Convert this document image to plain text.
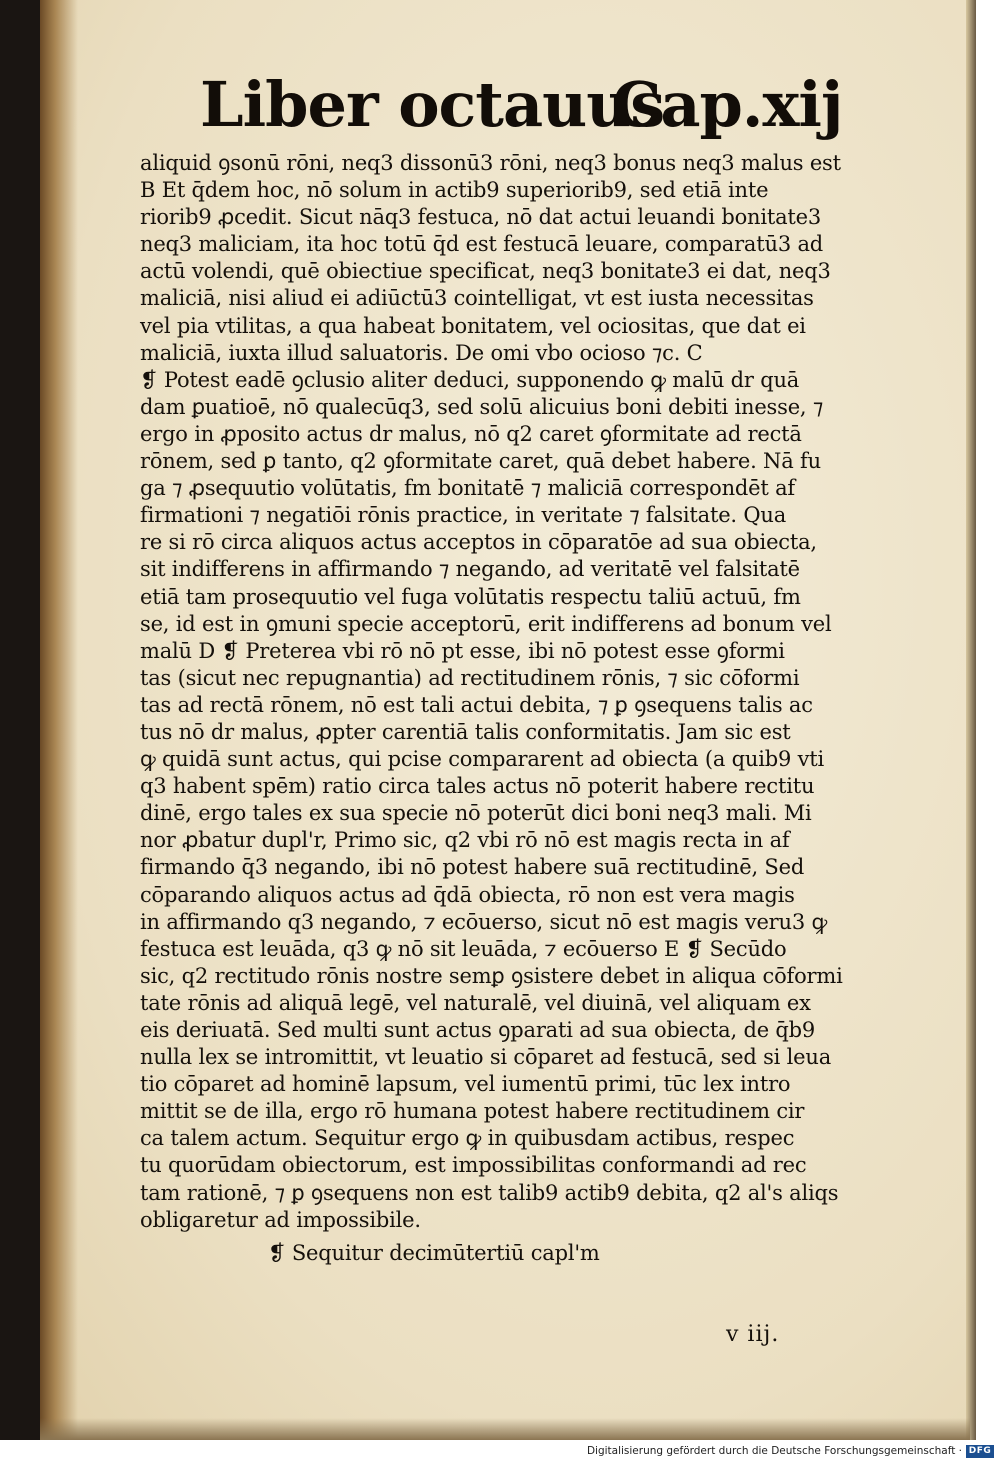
Liber octauus
Cap.xij
aliquid ꝯsonū rōni, neq3 dissonū3 rōni, neq3 bonus neq3 malus est
B Et q̄dem hoc, nō solum in actib9 superiorib9, sed etiā inte
riorib9 ꝓcedit. Sicut nāq3 festuca, nō dat actui leuandi bonitate3
neq3 maliciam, ita hoc totū q̄d est festucā leuare, comparatū3 ad
actū volendi, quē obiectiue specificat, neq3 bonitate3 ei dat, neq3
maliciā, nisi aliud ei adiūctū3 cointelligat, vt est iusta necessitas
vel pia vtilitas, a qua habeat bonitatem, vel ociositas, que dat ei
maliciā, iuxta illud saluatoris. De omi vbo ocioso ⁊c. C
❡ Potest eadē ꝯclusio aliter deduci, supponendo ꝙ malū dr quā
dam ꝑuatioē, nō qualecūq3, sed solū alicuius boni debiti inesse, ⁊
ergo in ꝓposito actus dr malus, nō q2 caret ꝯformitate ad rectā
rōnem, sed ꝑ tanto, q2 ꝯformitate caret, quā debet habere. Nā fu
ga ⁊ ꝓsequutio volūtatis, fm bonitatē ⁊ maliciā correspondēt af
firmationi ⁊ negatiōi rōnis practice, in veritate ⁊ falsitate. Qua
re si rō circa aliquos actus acceptos in cōparatōe ad sua obiecta,
sit indifferens in affirmando ⁊ negando, ad veritatē vel falsitatē
etiā tam prosequutio vel fuga volūtatis respectu taliū actuū, fm
se, id est in ꝯmuni specie acceptorū, erit indifferens ad bonum vel
malū D ❡ Preterea vbi rō nō pt esse, ibi nō potest esse ꝯformi
tas (sicut nec repugnantia) ad rectitudinem rōnis, ⁊ sic cōformi
tas ad rectā rōnem, nō est tali actui debita, ⁊ ꝑ ꝯsequens talis ac
tus nō dr malus, ꝓpter carentiā talis conformitatis. Jam sic est
ꝙ quidā sunt actus, qui pcise compararent ad obiecta (a quib9 vti
q3 habent spēm) ratio circa tales actus nō poterit habere rectitu
dinē, ergo tales ex sua specie nō poterūt dici boni neq3 mali. Mi
nor ꝓbatur dupl'r, Primo sic, q2 vbi rō nō est magis recta in af
firmando q̄3 negando, ibi nō potest habere suā rectitudinē, Sed
cōparando aliquos actus ad q̄dā obiecta, rō non est vera magis
in affirmando q3 negando, ⁊ ecōuerso, sicut nō est magis veru3 ꝙ
festuca est leuāda, q3 ꝙ nō sit leuāda, ⁊ ecōuerso E ❡ Secūdo
sic, q2 rectitudo rōnis nostre semꝑ ꝯsistere debet in aliqua cōformi
tate rōnis ad aliquā legē, vel naturalē, vel diuinā, vel aliquam ex
eis deriuatā. Sed multi sunt actus ꝯparati ad sua obiecta, de q̄b9
nulla lex se intromittit, vt leuatio si cōparet ad festucā, sed si leua
tio cōparet ad hominē lapsum, vel iumentū primi, tūc lex intro
mittit se de illa, ergo rō humana potest habere rectitudinem cir
ca talem actum. Sequitur ergo ꝙ in quibusdam actibus, respec
tu quorūdam obiectorum, est impossibilitas conformandi ad rec
tam rationē, ⁊ ꝑ ꝯsequens non est talib9 actib9 debita, q2 al's aliqs
obligaretur ad impossibile.
❡ Sequitur decimūtertiū capl'm
v iij.
Digitalisierung gefördert durch die Deutsche Forschungsgemeinschaft · DFG
